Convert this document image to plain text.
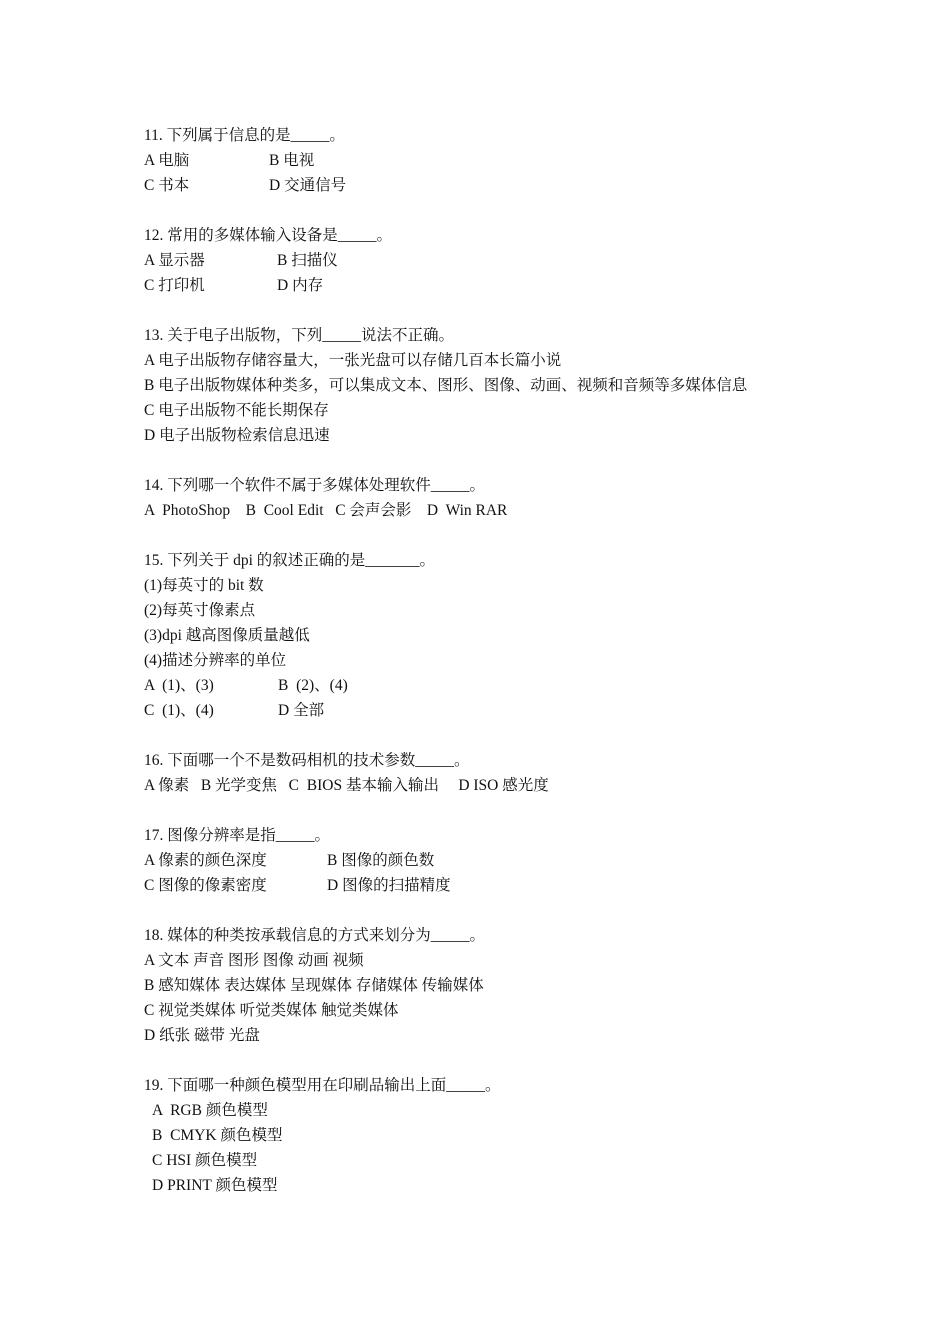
11. 下列属于信息的是_____。
A 电脑	B 电视
C 书本	D 交通信号
12. 常用的多媒体输入设备是_____。
A 显示器	B 扫描仪
C 打印机	D 内存
13. 关于电子出版物，下列_____说法不正确。
A 电子出版物存储容量大，一张光盘可以存储几百本长篇小说
B 电子出版物媒体种类多，可以集成文本、图形、图像、动画、视频和音频等多媒体信息
C 电子出版物不能长期保存
D 电子出版物检索信息迅速
14. 下列哪一个软件不属于多媒体处理软件_____。
A  PhotoShop    B  Cool Edit   C 会声会影    D  Win RAR
15. 下列关于 dpi 的叙述正确的是_______。
(1)每英寸的 bit 数
(2)每英寸像素点
(3)dpi 越高图像质量越低
(4)描述分辨率的单位
A  (1)、(3)	B  (2)、(4)
C  (1)、(4)	D 全部
16. 下面哪一个不是数码相机的技术参数_____。
A 像素   B 光学变焦   C  BIOS 基本输入输出     D ISO 感光度
17. 图像分辨率是指_____。
A 像素的颜色深度	B 图像的颜色数
C 图像的像素密度	D 图像的扫描精度
18. 媒体的种类按承载信息的方式来划分为_____。
A 文本 声音 图形 图像 动画 视频
B 感知媒体 表达媒体 呈现媒体 存储媒体 传输媒体
C 视觉类媒体 听觉类媒体 触觉类媒体
D 纸张 磁带 光盘
19. 下面哪一种颜色模型用在印刷品输出上面_____。
A  RGB 颜色模型
B  CMYK 颜色模型
C HSI 颜色模型
D PRINT 颜色模型
